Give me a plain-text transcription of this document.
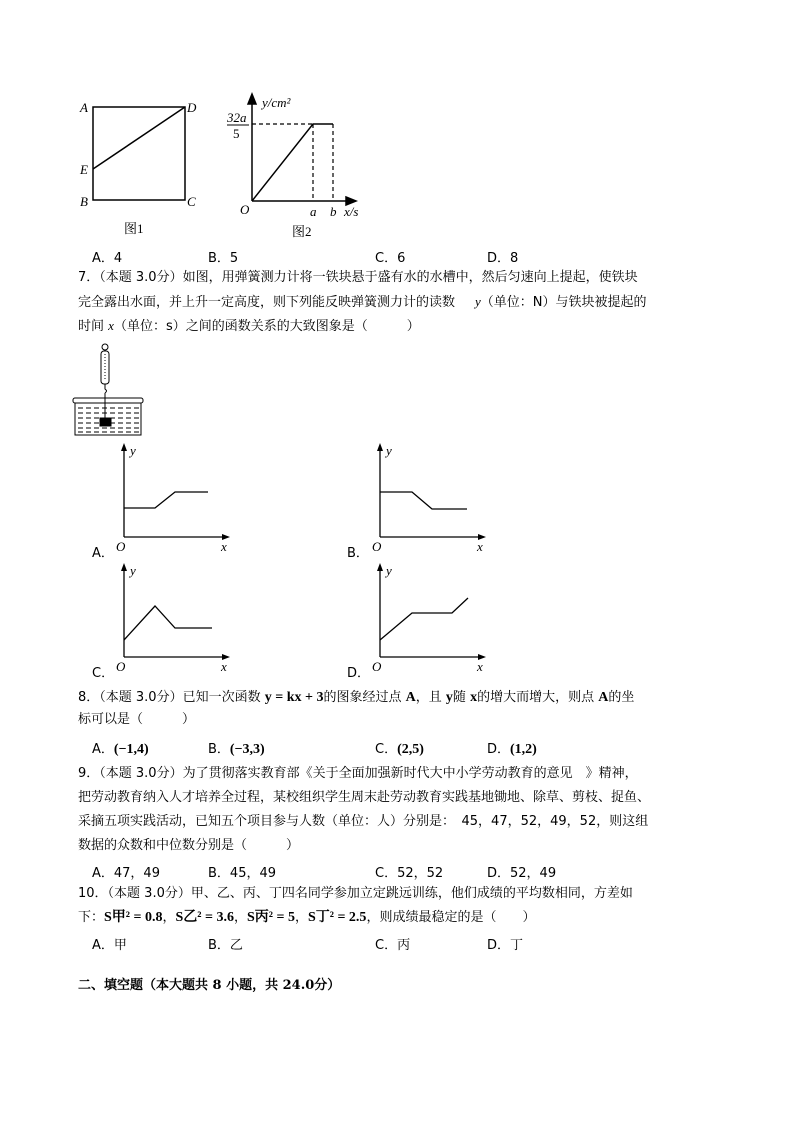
A	D
E
B	C
图1
y/cm²
32a
5
O	a b x/s
图2
y
O	x
y
O	x
y
O	x
y
O	x
A．4	B．5	C．6	D．8
7．（本题 3.0分）如图，用弹簧测力计将一铁块悬于盛有水的水槽中，然后匀速向上提起，使铁块
完全露出水面，并上升一定高度，则下列能反映弹簧测力计的读数 y（单位：N）与铁块被提起的
时间 x（单位：s）之间的函数关系的大致图象是（　　　）
A．	B．
C．	D．
8．（本题 3.0分）已知一次函数 y = kx + 3的图象经过点 A，且 y随 x的增大而增大，则点 A的坐
标可以是（　　　）
A．(−1,4)	B．(−3,3)	C．(2,5)	D．(1,2)
9．（本题 3.0分）为了贯彻落实教育部《关于全面加强新时代大中小学劳动教育的意见　》精神，
把劳动教育纳入人才培养全过程，某校组织学生周末赴劳动教育实践基地锄地、除草、剪枝、捉鱼、
采摘五项实践活动，已知五个项目参与人数（单位：人）分别是：　45，47，52，49，52，则这组
数据的众数和中位数分别是（　　　）
A．47，49	B．45，49	C．52，52	D．52，49
10．（本题 3.0分）甲、乙、丙、丁四名同学参加立定跳远训练，他们成绩的平均数相同，方差如
下：S甲² = 0.8，S乙² = 3.6，S丙² = 5，S丁² = 2.5，则成绩最稳定的是（　　）
A．甲	B．乙	C．丙	D．丁
二、填空题（本大题共 8 小题，共 24.0分）
